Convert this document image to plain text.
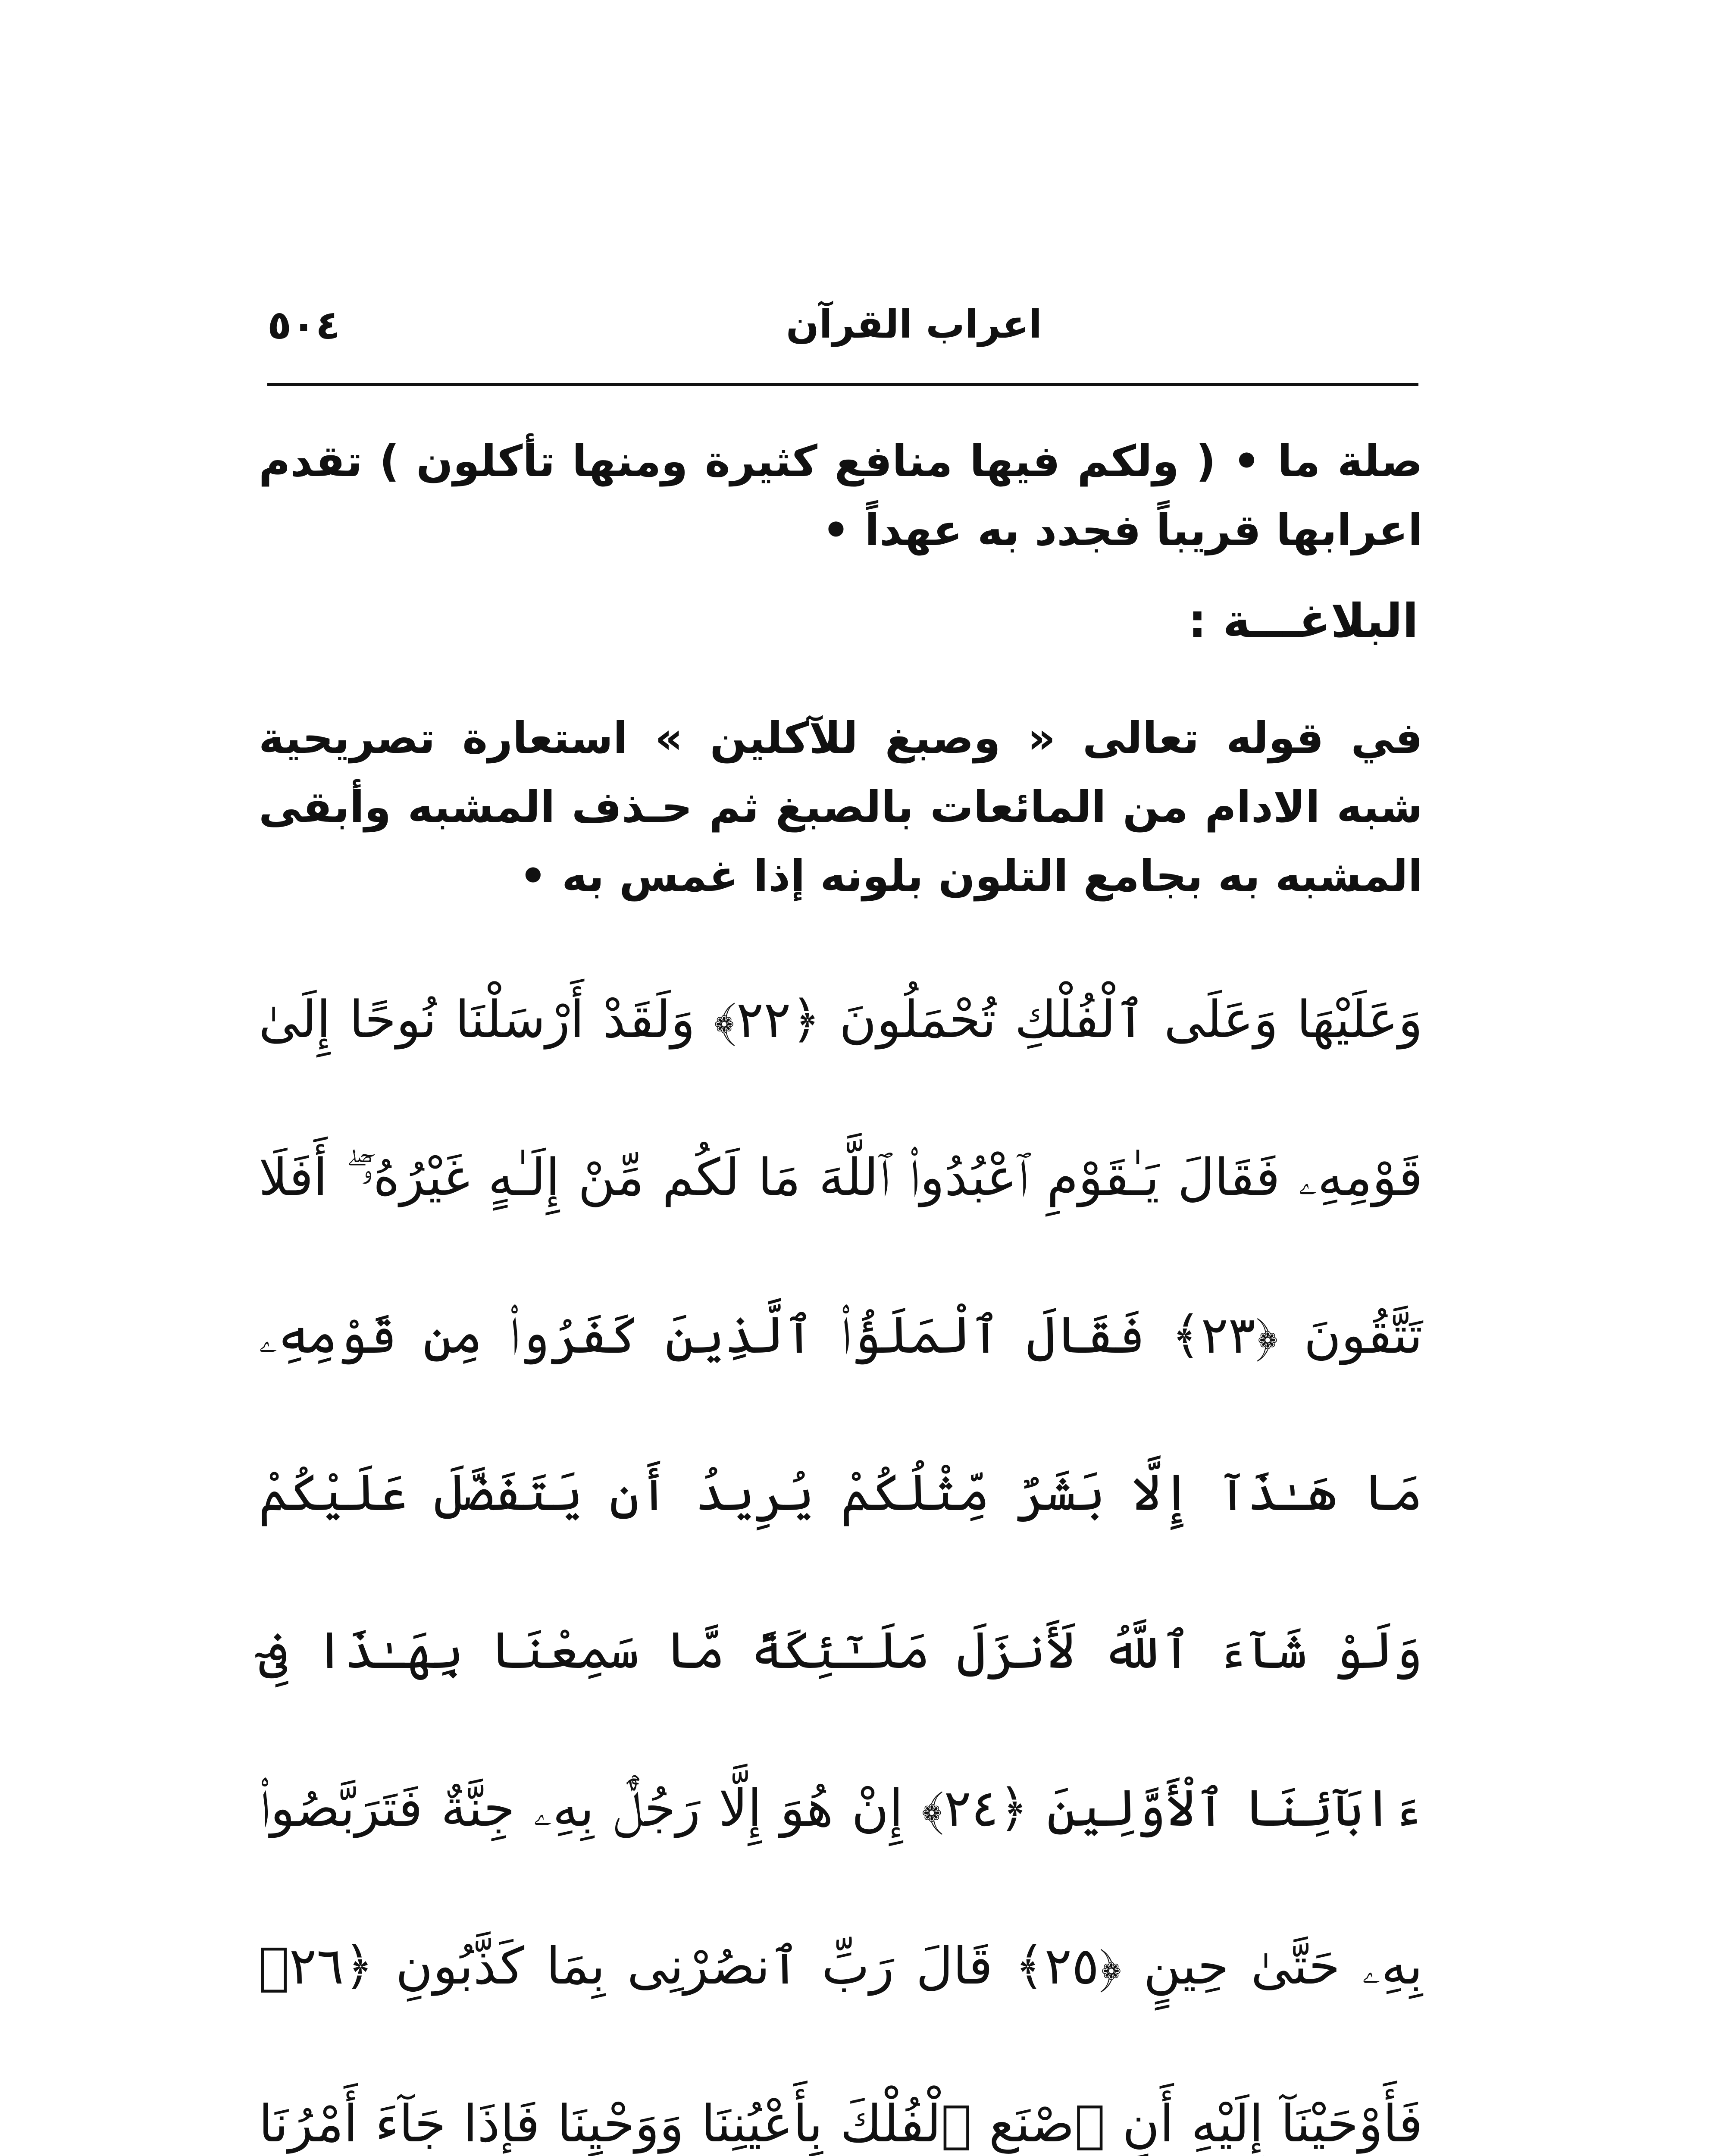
٥٠٤	اعراب القرآن

صلة ما • ( ولكم فيها منافع كثيرة ومنها تأكلون ) تقدم اعرابها قريباً فجدد به عهداً •

البلاغـــة :

في قوله تعالى « وصبغ للآكلين » استعارة تصريحية شبه الادام من المائعات بالصبغ ثم حـذف المشبه وأبقى المشبه به بجامع التلون بلونه إذا غمس به •

وَعَلَيْهَا وَعَلَى ٱلْفُلْكِ تُحْمَلُونَ ﴿٢٢﴾ وَلَقَدْ أَرْسَلْنَا نُوحًا إِلَىٰ قَوْمِهِۦ فَقَالَ يَـٰقَوْمِ ٱعْبُدُوا۟ ٱللَّهَ مَا لَكُم مِّنْ إِلَـٰهٍ غَيْرُهُۥٓ ۖ أَفَلَا تَتَّقُونَ ﴿٢٣﴾ فَقَالَ ٱلْمَلَؤُا۟ ٱلَّذِينَ كَفَرُوا۟ مِن قَوْمِهِۦ مَا هَـٰذَآ إِلَّا بَشَرٌ مِّثْلُكُمْ يُرِيدُ أَن يَتَفَضَّلَ عَلَيْكُمْ وَلَوْ شَآءَ ٱللَّهُ لَأَنزَلَ مَلَـٰٓئِكَةً مَّا سَمِعْنَا بِهَـٰذَا فِىٓ ءَابَآئِنَا ٱلْأَوَّلِينَ ﴿٢٤﴾ إِنْ هُوَ إِلَّا رَجُلٌۢ بِهِۦ جِنَّةٌ فَتَرَبَّصُوا۟ بِهِۦ حَتَّىٰ حِينٍ ﴿٢٥﴾ قَالَ رَبِّ ٱنصُرْنِى بِمَا كَذَّبُونِ ﴿٢٦﴾ فَأَوْحَيْنَآ إِلَيْهِ أَنِ ٱصْنَعِ ٱلْفُلْكَ بِأَعْيُنِنَا وَوَحْيِنَا فَإِذَا جَآءَ أَمْرُنَا
